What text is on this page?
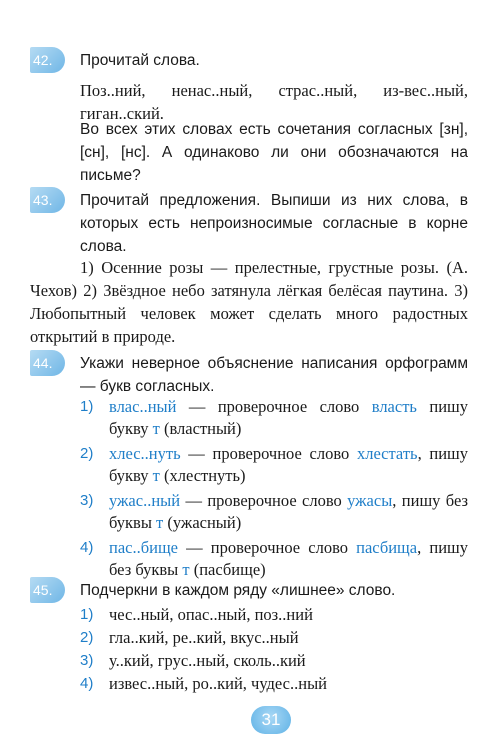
42.	Прочитай слова.

Поз..ний, ненас..ный, страс..ный, из-вес..ный, гиган..ский.

Во всех этих словах есть сочетания согласных [зн], [сн], [нс]. А одинаково ли они обозначаются на письме?

43.	Прочитай предложения. Выпиши из них слова, в которых есть непроизносимые согласные в корне слова.

1) Осенние розы — прелестные, грустные розы. (А. Чехов) 2) Звёздное небо затянула лёгкая белёсая паутина. 3) Любопытный человек может сделать много радостных открытий в природе.

44.	Укажи неверное объяснение написания орфограмм — букв согласных.

1) влас..ный — проверочное слово власть пишу букву т (властный)
2) хлес..нуть — проверочное слово хлестать, пишу букву т (хлестнуть)
3) ужас..ный — проверочное слово ужасы, пишу без буквы т (ужасный)
4) пас..бище — проверочное слово пасбища, пишу без буквы т (пасбище)
45.	Подчеркни в каждом ряду «лишнее» слово.

1) чес..ный, опас..ный, поз..ний
2) гла..кий, ре..кий, вкус..ный
3) у..кий, грус..ный, сколь..кий
4) извес..ный, ро..кий, чудес..ный
31
